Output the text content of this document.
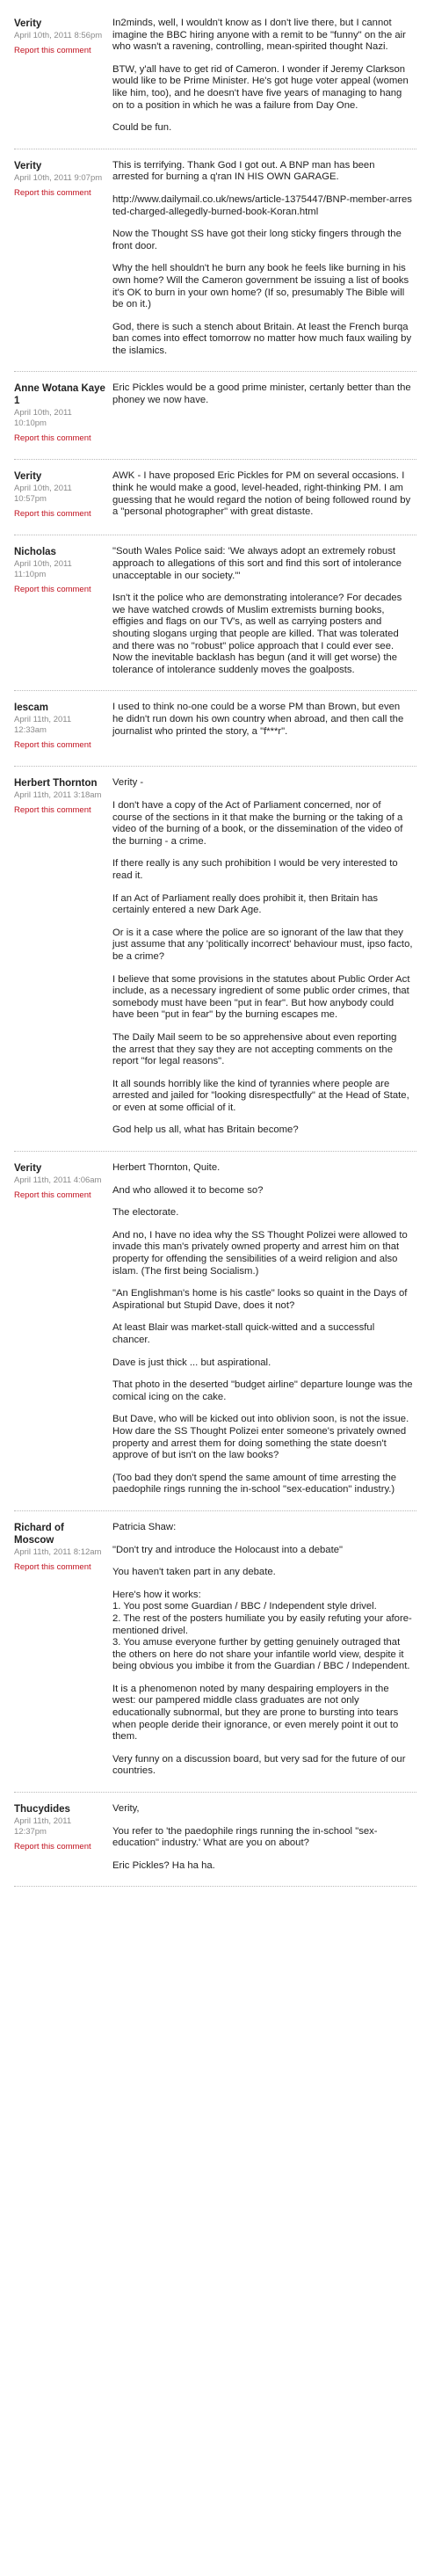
Verity
April 10th, 2011 8:56pm
Report this comment

In2minds, well, I wouldn't know as I don't live there, but I cannot imagine the BBC hiring anyone with a remit to be "funny" on the air who wasn't a ravening, controlling, mean-spirited thought Nazi.

BTW, y'all have to get rid of Cameron. I wonder if Jeremy Clarkson would like to be Prime Minister. He's got huge voter appeal (women like him, too), and he doesn't have five years of managing to hang on to a position in which he was a failure from Day One.

Could be fun.

Verity
April 10th, 2011 9:07pm
Report this comment

This is terrifying. Thank God I got out. A BNP man has been arrested for burning a q'ran IN HIS OWN GARAGE.

http://www.dailymail.co.uk/news/article-1375447/BNP-member-arrested-charged-allegedly-burned-book-Koran.html

Now the Thought SS have got their long sticky fingers through the front door.

Why the hell shouldn't he burn any book he feels like burning in his own home? Will the Cameron government be issuing a list of books it's OK to burn in your own home? (If so, presumably The Bible will be on it.)

God, there is such a stench about Britain. At least the French burqa ban comes into effect tomorrow no matter how much faux wailing by the islamics.

Anne Wotana Kaye 1
April 10th, 2011 10:10pm
Report this comment

Eric Pickles would be a good prime minister, certanly better than the phoney we now have.

Verity
April 10th, 2011 10:57pm
Report this comment

AWK - I have proposed Eric Pickles for PM on several occasions. I think he would make a good, level-headed, right-thinking PM. I am guessing that he would regard the notion of being followed round by a "personal photographer" with great distaste.

Nicholas
April 10th, 2011 11:10pm
Report this comment

"South Wales Police said: 'We always adopt an extremely robust approach to allegations of this sort and find this sort of intolerance unacceptable in our society.'"

Isn't it the police who are demonstrating intolerance? For decades we have watched crowds of Muslim extremists burning books, effigies and flags on our TV's, as well as carrying posters and shouting slogans urging that people are killed. That was tolerated and there was no "robust" police approach that I could ever see. Now the inevitable backlash has begun (and it will get worse) the tolerance of intolerance suddenly moves the goalposts.

Iescam
April 11th, 2011 12:33am
Report this comment

I used to think no-one could be a worse PM than Brown, but even he didn't run down his own country when abroad, and then call the journalist who printed the story, a "f***r".

Herbert Thornton
April 11th, 2011 3:18am
Report this comment

Verity -

I don't have a copy of the Act of Parliament concerned, nor of course of the sections in it that make the burning or the taking of a video of the burning of a book, or the dissemination of the video of the burning - a crime.

If there really is any such prohibition I would be very interested to read it.

If an Act of Parliament really does prohibit it, then Britain has certainly entered a new Dark Age.

Or is it a case where the police are so ignorant of the law that they just assume that any 'politically incorrect' behaviour must, ipso facto, be a crime?

I believe that some provisions in the statutes about Public Order Act include, as a necessary ingredient of some public order crimes, that somebody must have been "put in fear". But how anybody could have been "put in fear" by the burning escapes me.

The Daily Mail seem to be so apprehensive about even reporting the arrest that they say they are not accepting comments on the report "for legal reasons".

It all sounds horribly like the kind of tyrannies where people are arrested and jailed for "looking disrespectfully" at the Head of State, or even at some official of it.

God help us all, what has Britain become?

Verity
April 11th, 2011 4:06am
Report this comment

Herbert Thornton, Quite.

And who allowed it to become so?

The electorate.

And no, I have no idea why the SS Thought Polizei were allowed to invade this man's privately owned property and arrest him on that property for offending the sensibilities of a weird religion and also islam. (The first being Socialism.)

"An Englishman's home is his castle" looks so quaint in the Days of Aspirational but Stupid Dave, does it not?

At least Blair was market-stall quick-witted and a successful chancer.

Dave is just thick ... but aspirational.

That photo in the deserted "budget airline" departure lounge was the comical icing on the cake.

But Dave, who will be kicked out into oblivion soon, is not the issue. How dare the SS Thought Polizei enter someone's privately owned property and arrest them for doing something the state doesn't approve of but isn't on the law books?

(Too bad they don't spend the same amount of time arresting the paedophile rings running the in-school "sex-education" industry.)

Richard of Moscow
April 11th, 2011 8:12am
Report this comment

Patricia Shaw:

"Don't try and introduce the Holocaust into a debate"

You haven't taken part in any debate.

Here's how it works:
1. You post some Guardian / BBC / Independent style drivel.
2. The rest of the posters humiliate you by easily refuting your afore-mentioned drivel.
3. You amuse everyone further by getting genuinely outraged that the others on here do not share your infantile world view, despite it being obvious you imbibe it from the Guardian / BBC / Independent.

It is a phenomenon noted by many despairing employers in the west: our pampered middle class graduates are not only educationally subnormal, but they are prone to bursting into tears when people deride their ignorance, or even merely point it out to them.

Very funny on a discussion board, but very sad for the future of our countries.

Thucydides
April 11th, 2011 12:37pm
Report this comment

Verity,

You refer to 'the paedophile rings running the in-school "sex-education" industry.' What are you on about?

Eric Pickles? Ha ha ha.
